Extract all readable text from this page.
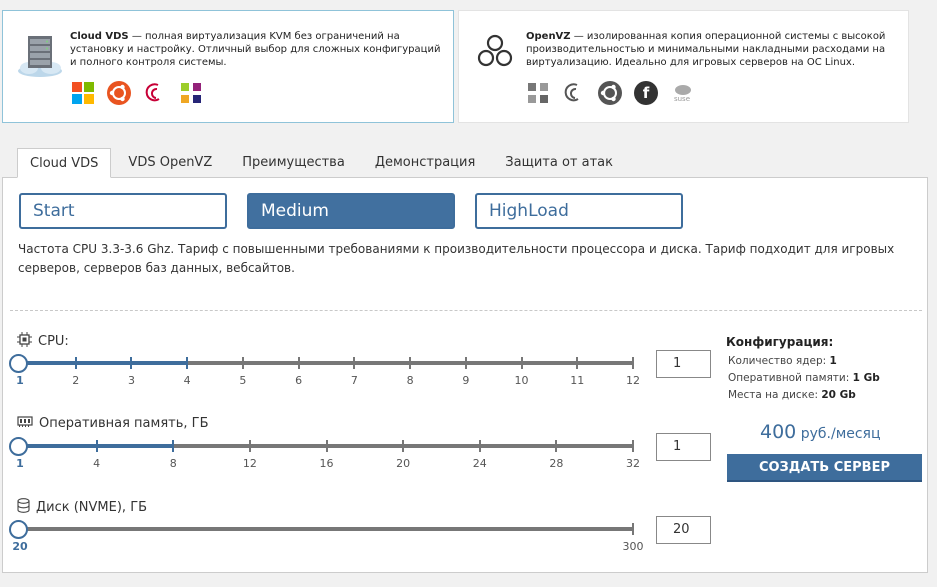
Cloud VDS — полная виртуализация KVM без ограничений на установку и настройку. Отличный выбор для сложных конфигураций и полного контроля системы.
OpenVZ — изолированная копия операционной системы с высокой производительностью и минимальными накладными расходами на виртуализацию. Идеально для игровых серверов на ОС Linux.
f	suse
Cloud VDS	VDS OpenVZ	Преимущества	Демонстрация	Защита от атак
Start	Medium	HighLoad
Частота CPU 3.3-3.6 Ghz. Тариф с повышенными требованиями к производительности процессора и диска. Тариф подходит для игровых серверов, серверов баз данных, вебсайтов.
CPU:
1	2	3	4	5	6	7	8	9	10	11	12
1
Оперативная память, ГБ
1	4	8	12	16	20	24	28	32
1
Диск (NVME), ГБ
20	300
20
Конфигурация:
Количество ядер: 1
Оперативной памяти: 1 Gb
Места на диске: 20 Gb
400 руб./месяц
СОЗДАТЬ СЕРВЕР
